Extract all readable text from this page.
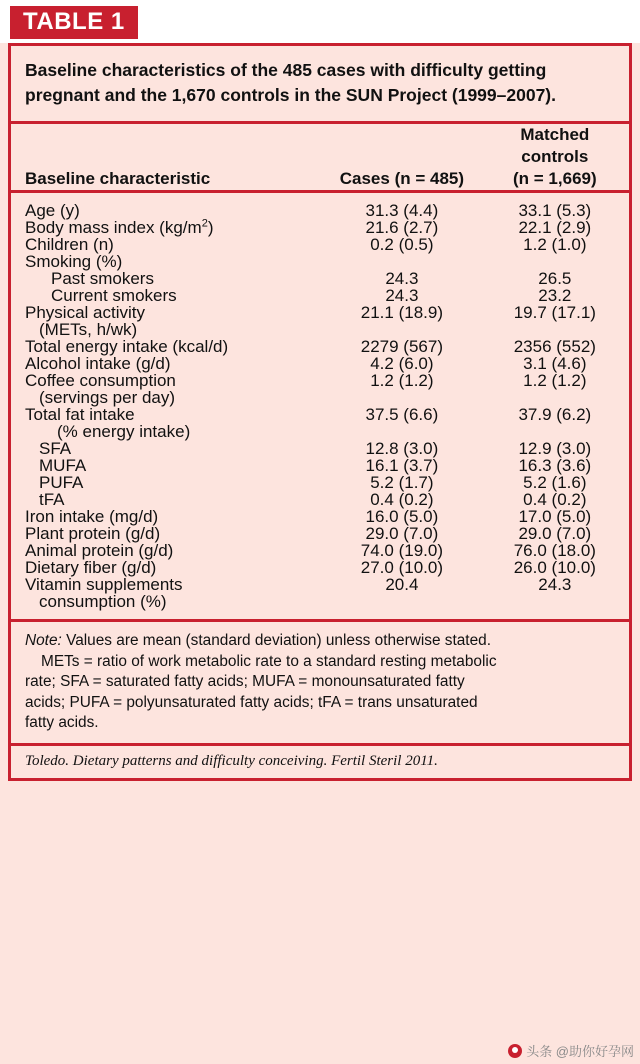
TABLE 1
Baseline characteristics of the 485 cases with difficulty getting pregnant and the 1,670 controls in the SUN Project (1999–2007).
Baseline characteristic	Cases (n = 485)	Matched
controls
(n = 1,669)

Age (y)	31.3 (4.4)	33.1 (5.3)
Body mass index $(kg/m^2)$	21.6 (2.7)	22.1 (2.9)
Children (n)	0.2 (0.5)	1.2 (1.0)
Smoking (%)		
Past smokers	24.3	26.5
Current smokers	24.3	23.2
Physical activity	21.1 (18.9)	19.7 (17.1)
(METs, h/wk)		
Total energy intake (kcal/d)	2279 (567)	2356 (552)
Alcohol intake (g/d)	4.2 (6.0)	3.1 (4.6)
Coffee consumption	1.2 (1.2)	1.2 (1.2)
(servings per day)		
Total fat intake	37.5 (6.6)	37.9 (6.2)
(% energy intake)		
SFA	12.8 (3.0)	12.9 (3.0)
MUFA	16.1 (3.7)	16.3 (3.6)
PUFA	5.2 (1.7)	5.2 (1.6)
tFA	0.4 (0.2)	0.4 (0.2)
Iron intake (mg/d)	16.0 (5.0)	17.0 (5.0)
Plant protein (g/d)	29.0 (7.0)	29.0 (7.0)
Animal protein (g/d)	74.0 (19.0)	76.0 (18.0)
Dietary fiber (g/d)	27.0 (10.0)	26.0 (10.0)
Vitamin supplements	20.4	24.3
consumption (%)		
Note: Values are mean (standard deviation) unless otherwise stated.
METs = ratio of work metabolic rate to a standard resting metabolic
rate; SFA = saturated fatty acids; MUFA = monounsaturated fatty
acids; PUFA = polyunsaturated fatty acids; tFA = trans unsaturated
fatty acids.
Toledo. Dietary patterns and difficulty conceiving. Fertil Steril 2011.
头条 @助你好孕网
